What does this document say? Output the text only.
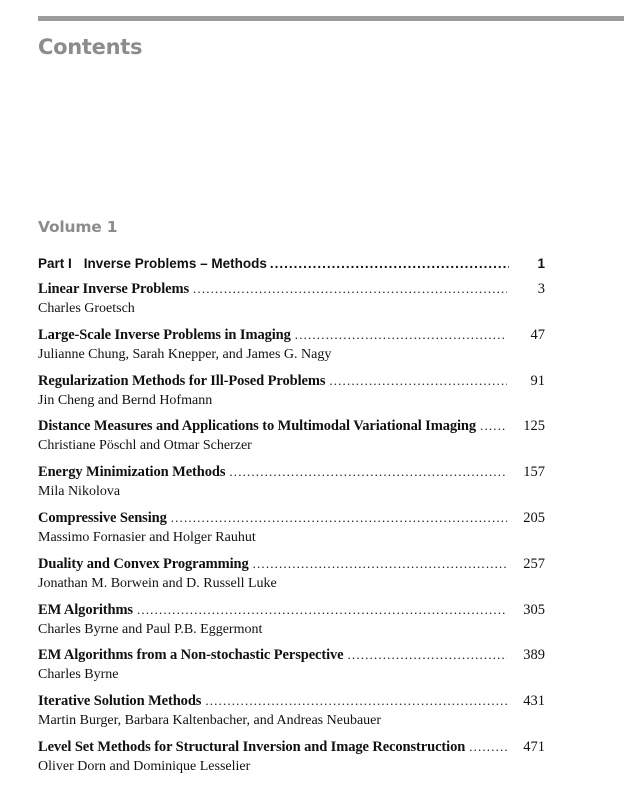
Contents
Volume 1
Part I Inverse Problems – Methods .....	1
Linear Inverse Problems .....	3
Charles Groetsch
Large-Scale Inverse Problems in Imaging .....	47
Julianne Chung, Sarah Knepper, and James G. Nagy
Regularization Methods for Ill-Posed Problems .....	91
Jin Cheng and Bernd Hofmann
Distance Measures and Applications to Multimodal Variational Imaging .....	125
Christiane Pöschl and Otmar Scherzer
Energy Minimization Methods .....	157
Mila Nikolova
Compressive Sensing .....	205
Massimo Fornasier and Holger Rauhut
Duality and Convex Programming .....	257
Jonathan M. Borwein and D. Russell Luke
EM Algorithms .....	305
Charles Byrne and Paul P.B. Eggermont
EM Algorithms from a Non-stochastic Perspective .....	389
Charles Byrne
Iterative Solution Methods .....	431
Martin Burger, Barbara Kaltenbacher, and Andreas Neubauer
Level Set Methods for Structural Inversion and Image Reconstruction .....	471
Oliver Dorn and Dominique Lesselier
